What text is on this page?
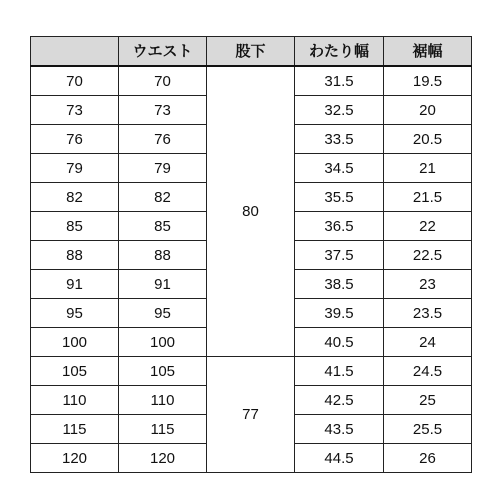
	ウエスト	股下	わたり幅	裾幅
70	70	80	31.5	19.5
73	73		32.5	20
76	76		33.5	20.5
79	79		34.5	21
82	82		35.5	21.5
85	85		36.5	22
88	88		37.5	22.5
91	91		38.5	23
95	95		39.5	23.5
100	100		40.5	24
105	105	77	41.5	24.5
110	110		42.5	25
115	115		43.5	25.5
120	120		44.5	26
